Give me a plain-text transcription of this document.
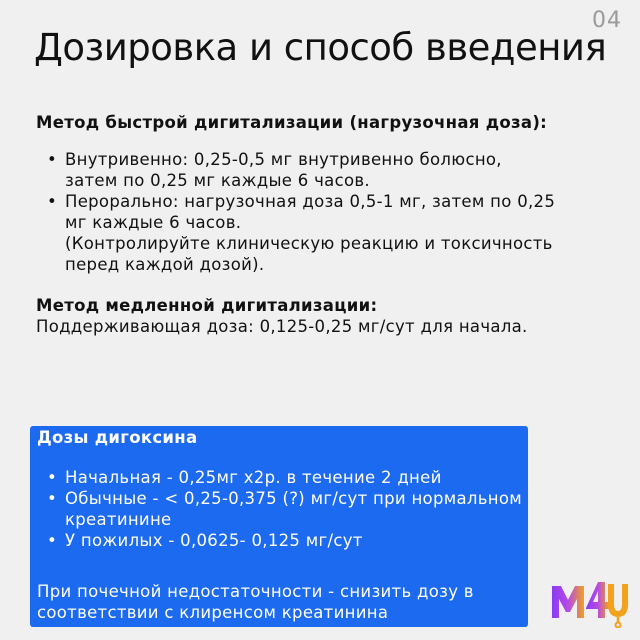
04
Дозировка и способ введения

Метод быстрой дигитализации (нагрузочная доза):

• Внутривенно: 0,25-0,5 мг внутривенно болюсно, затем по 0,25 мг каждые 6 часов.
• Перорально: нагрузочная доза 0,5-1 мг, затем по 0,25 мг каждые 6 часов.
(Контролируйте клиническую реакцию и токсичность перед каждой дозой).

Метод медленной дигитализации:

Поддерживающая доза: 0,125-0,25 мг/сут для начала.

Дозы дигоксина

• Начальная - 0,25мг х2р. в течение 2 дней
• Обычные - < 0,25-0,375 (?) мг/сут при нормальном креатинине
• У пожилых - 0,0625- 0,125 мг/сут

При почечной недостаточности - снизить дозу в соответствии с клиренсом креатинина
